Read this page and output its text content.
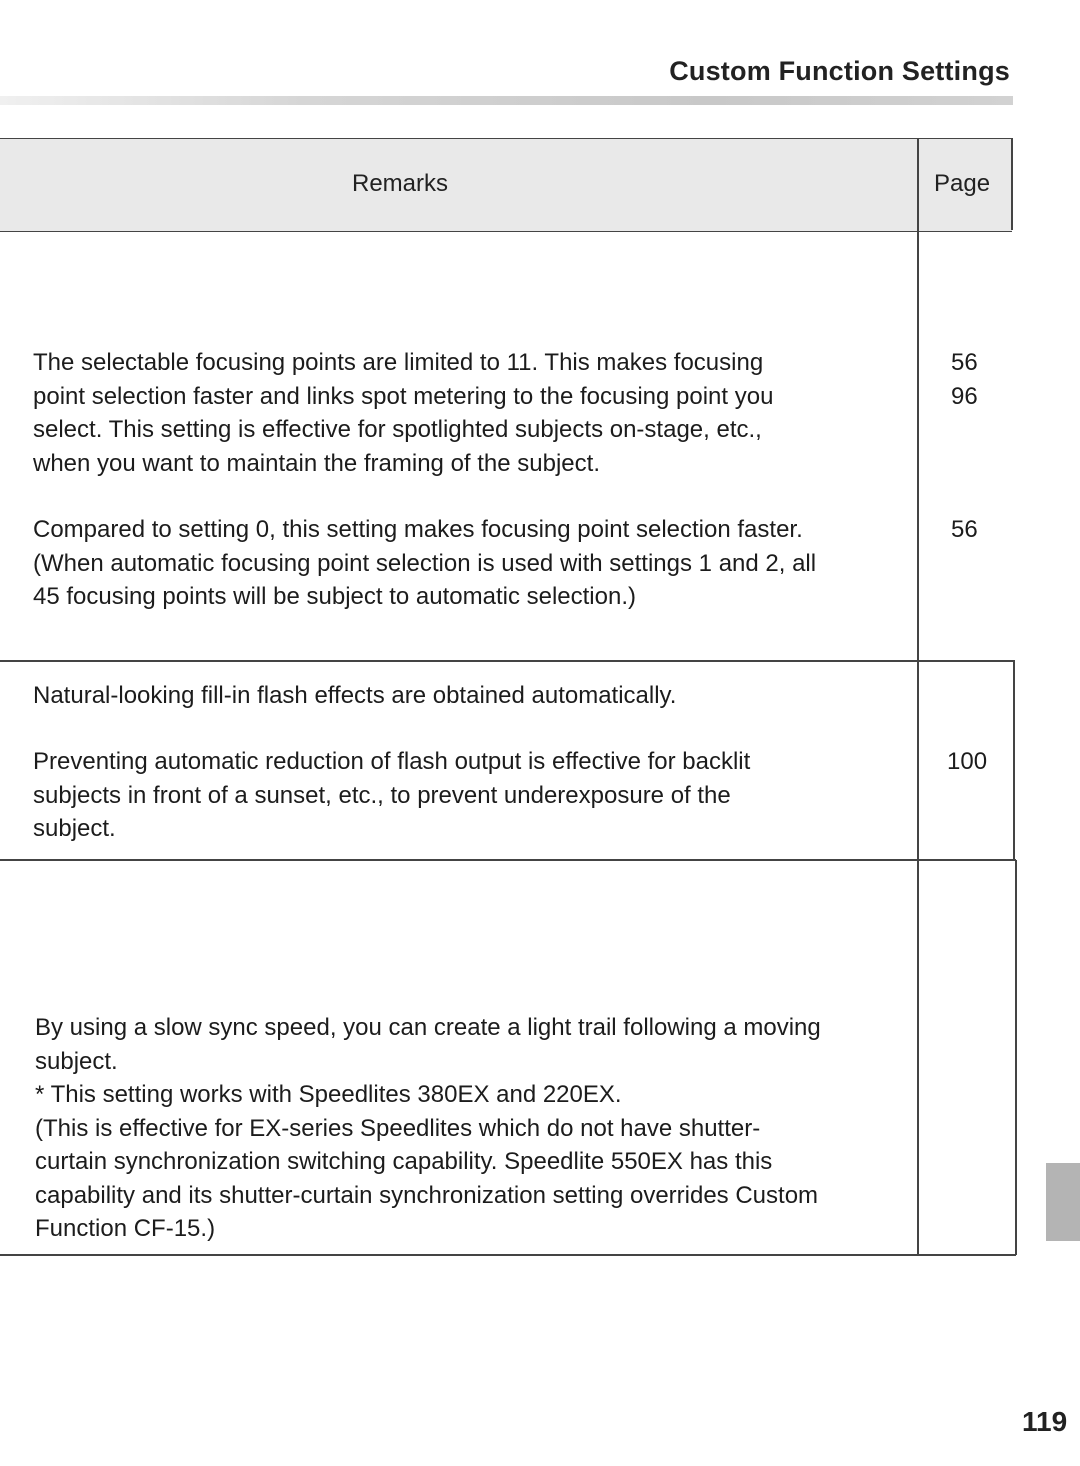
Custom Function Settings
Remarks	Page
The selectable focusing points are limited to 11. This makes focusing
point selection faster and links spot metering to the focusing point you
select. This setting is effective for spotlighted subjects on-stage, etc.,
when you want to maintain the framing of the subject.
56
96
Compared to setting 0, this setting makes focusing point selection faster.
(When automatic focusing point selection is used with settings 1 and 2, all
45 focusing points will be subject to automatic selection.)
56
Natural-looking fill-in flash effects are obtained automatically.
Preventing automatic reduction of flash output is effective for backlit
subjects in front of a sunset, etc., to prevent underexposure of the
subject.
100
By using a slow sync speed, you can create a light trail following a moving
subject.
* This setting works with Speedlites 380EX and 220EX.
(This is effective for EX-series Speedlites which do not have shutter-
curtain synchronization switching capability. Speedlite 550EX has this
capability and its shutter-curtain synchronization setting overrides Custom
Function CF-15.)
119
